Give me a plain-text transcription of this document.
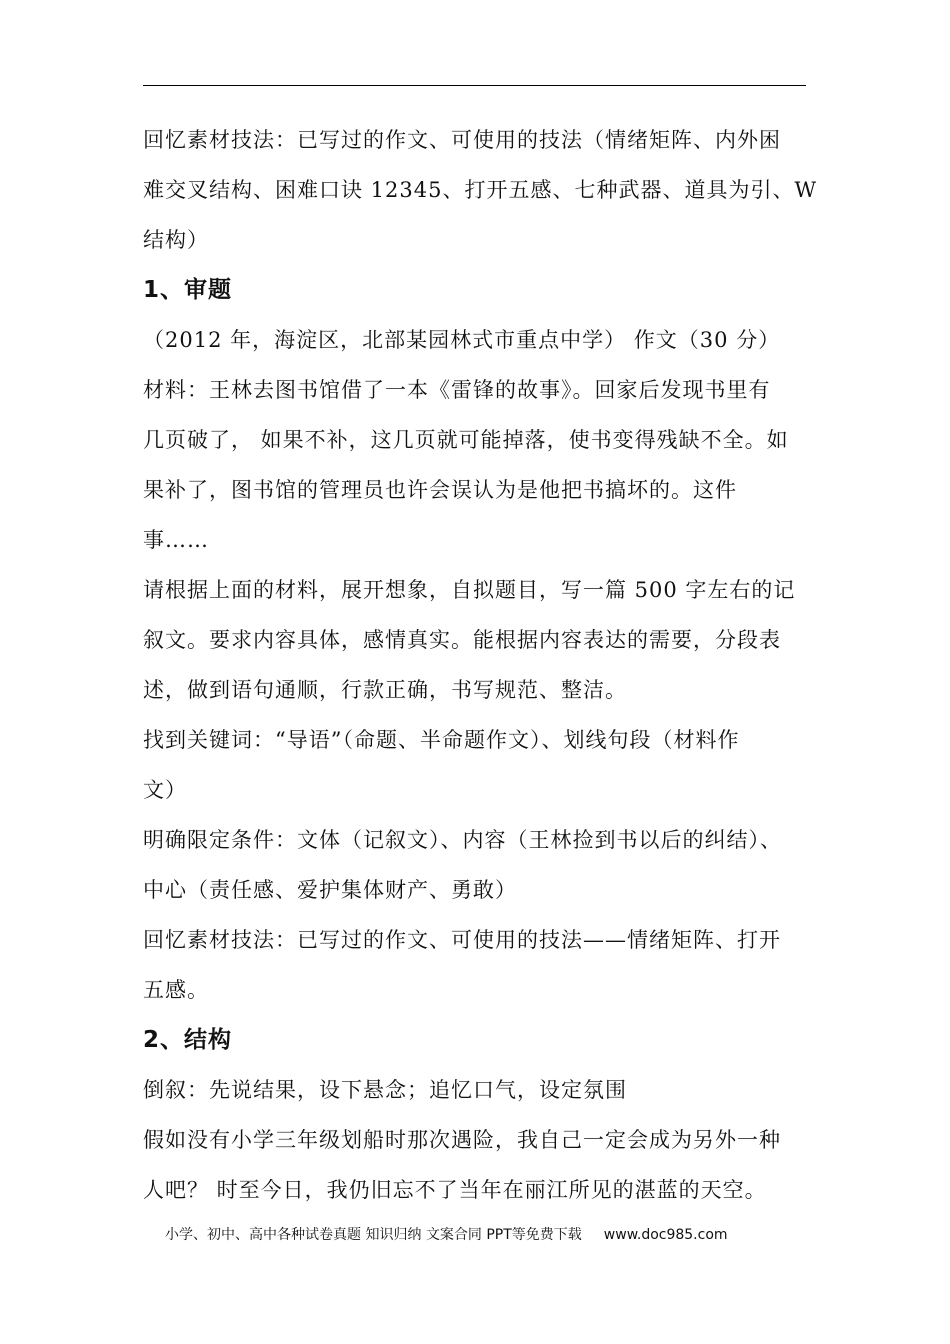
回忆素材技法：已写过的作文、可使用的技法（情绪矩阵、内外困

难交叉结构、困难口诀 12345、打开五感、七种武器、道具为引、W

结构）

1、审题

（2012 年，海淀区，北部某园林式市重点中学） 作文（30 分）

材料：王林去图书馆借了一本《雷锋的故事》。回家后发现书里有

几页破了， 如果不补，这几页就可能掉落，使书变得残缺不全。如

果补了，图书馆的管理员也许会误认为是他把书搞坏的。这件

事……

请根据上面的材料，展开想象，自拟题目，写一篇 500 字左右的记

叙文。要求内容具体，感情真实。能根据内容表达的需要，分段表

述，做到语句通顺，行款正确，书写规范、整洁。

找到关键词：“导语”（命题、半命题作文）、划线句段（材料作

文）

明确限定条件：文体（记叙文）、内容（王林捡到书以后的纠结）、

中心（责任感、爱护集体财产、勇敢）

回忆素材技法：已写过的作文、可使用的技法——情绪矩阵、打开

五感。

2、结构

倒叙：先说结果，设下悬念；追忆口气，设定氛围

假如没有小学三年级划船时那次遇险，我自己一定会成为另外一种

人吧？ 时至今日，我仍旧忘不了当年在丽江所见的湛蓝的天空。

小学、初中、高中各种试卷真题 知识归纳 文案合同 PPT等免费下载 www.doc985.com
